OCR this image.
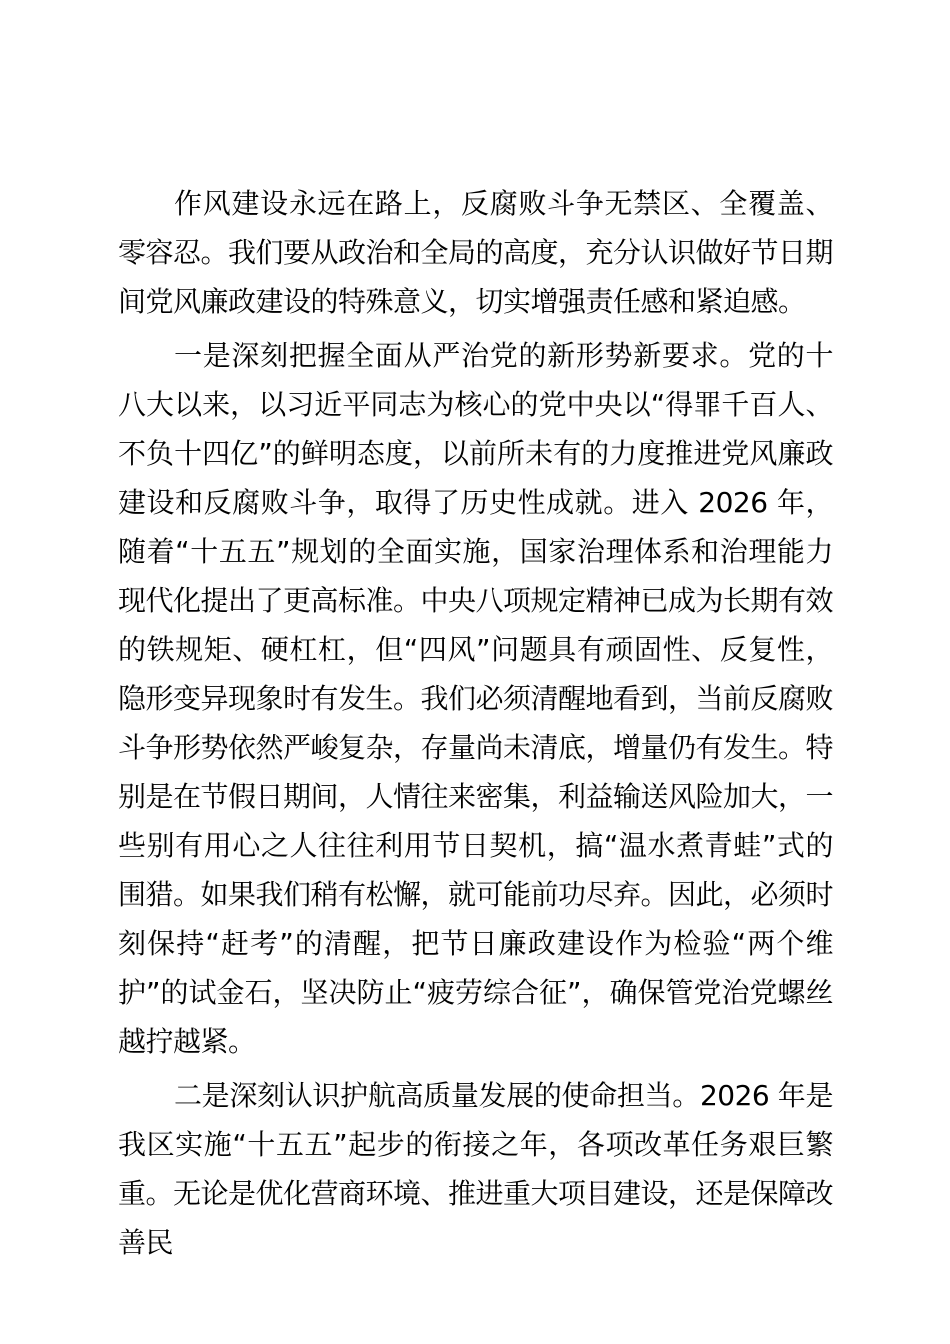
作风建设永远在路上，反腐败斗争无禁区、全覆盖、零容忍。我们要从政治和全局的高度，充分认识做好节日期间党风廉政建设的特殊意义，切实增强责任感和紧迫感。

一是深刻把握全面从严治党的新形势新要求。党的十八大以来，以习近平同志为核心的党中央以“得罪千百人、不负十四亿”的鲜明态度，以前所未有的力度推进党风廉政建设和反腐败斗争，取得了历史性成就。进入 2026 年，随着“十五五”规划的全面实施，国家治理体系和治理能力现代化提出了更高标准。中央八项规定精神已成为长期有效的铁规矩、硬杠杠，但“四风”问题具有顽固性、反复性，隐形变异现象时有发生。我们必须清醒地看到，当前反腐败斗争形势依然严峻复杂，存量尚未清底，增量仍有发生。特别是在节假日期间，人情往来密集，利益输送风险加大，一些别有用心之人往往利用节日契机，搞“温水煮青蛙”式的围猎。如果我们稍有松懈，就可能前功尽弃。因此，必须时刻保持“赶考”的清醒，把节日廉政建设作为检验“两个维护”的试金石，坚决防止“疲劳综合征”，确保管党治党螺丝越拧越紧。

二是深刻认识护航高质量发展的使命担当。2026 年是我区实施“十五五”起步的衔接之年，各项改革任务艰巨繁重。无论是优化营商环境、推进重大项目建设，还是保障改善民
